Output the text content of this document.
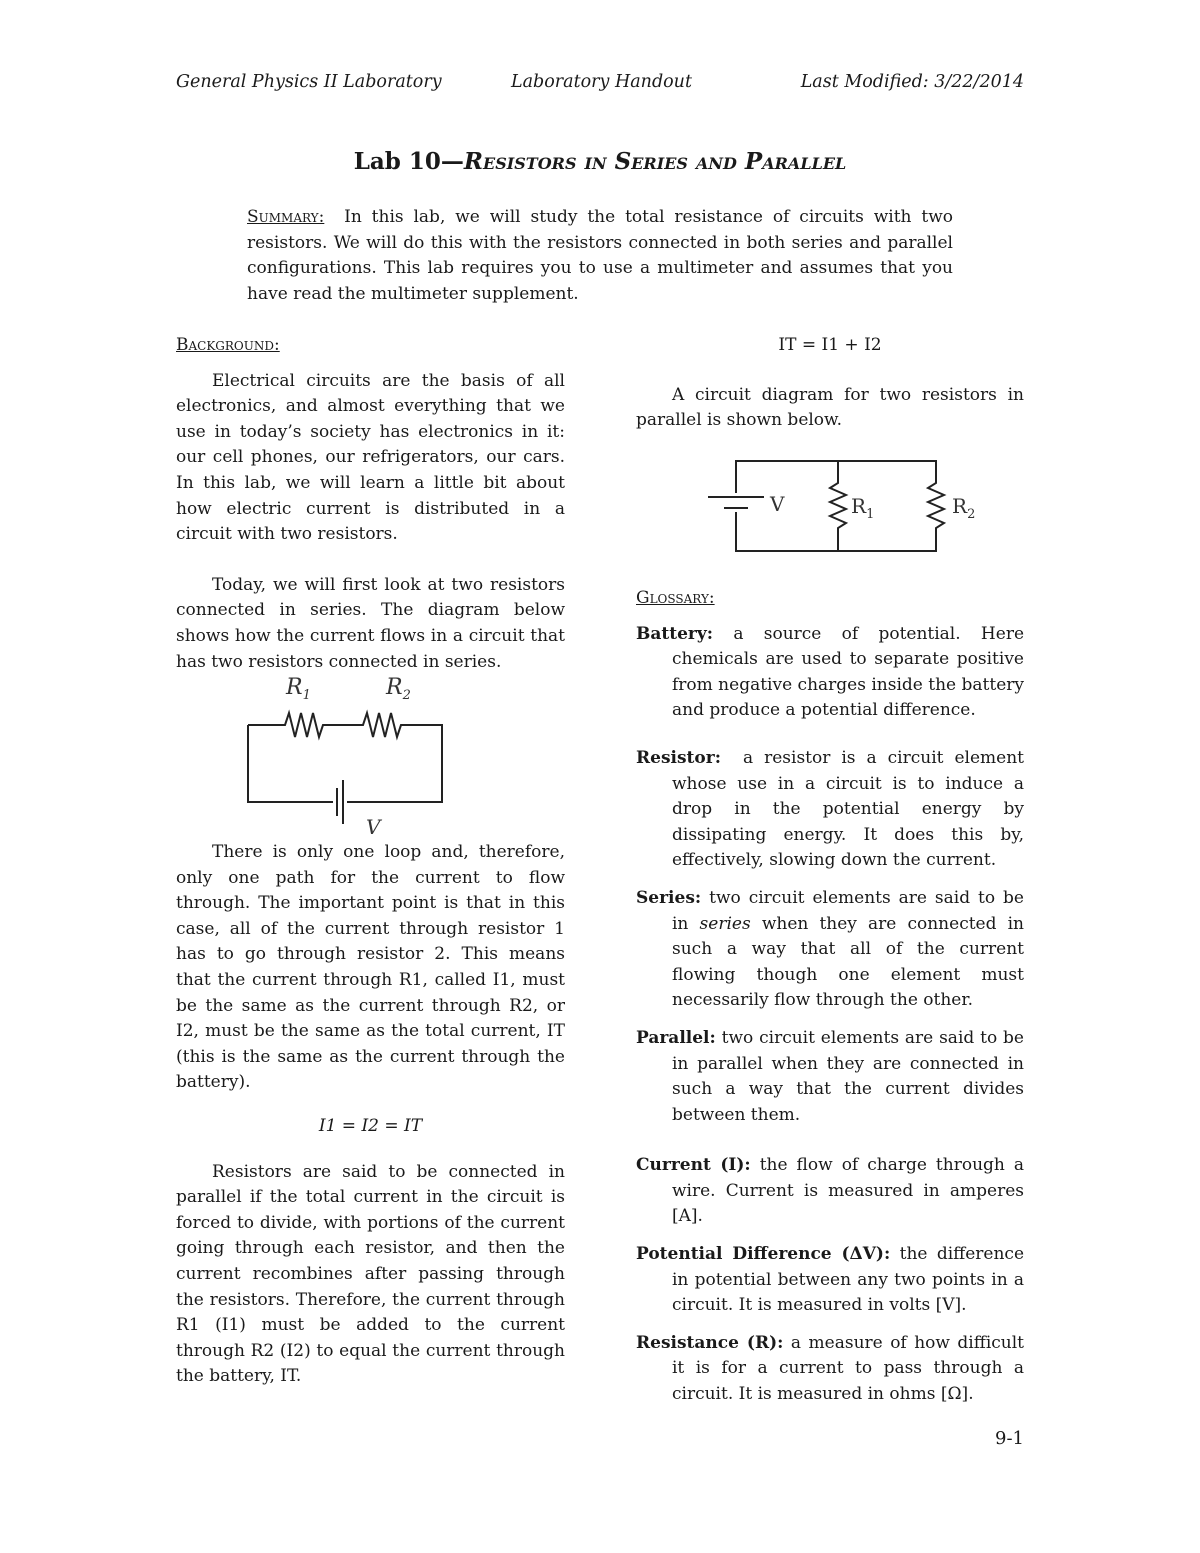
General Physics II Laboratory	Laboratory Handout	Last Modified: 3/22/2014
Lab 10—Resistors in Series and Parallel
Summary: In this lab, we will study the total resistance of circuits with two resistors. We will do this with the resistors connected in both series and parallel configurations. This lab requires you to use a multimeter and assumes that you have read the multimeter supplement.

Background:

Electrical circuits are the basis of all electronics, and almost everything that we use in today’s society has electronics in it: our cell phones, our refrigerators, our cars. In this lab, we will learn a little bit about how electric current is distributed in a circuit with two resistors.

Today, we will first look at two resistors connected in series. The diagram below shows how the current flows in a circuit that has two resistors connected in series.

$R_1$	$R_2$
V

There is only one loop and, therefore, only one path for the current to flow through. The important point is that in this case, all of the current through resistor 1 has to go through resistor 2. This means that the current through R1, called I1, must be the same as the current through R2, or I2, must be the same as the total current, IT (this is the same as the current through the battery).

I1 = I2 = IT

Resistors are said to be connected in parallel if the total current in the circuit is forced to divide, with portions of the current going through each resistor, and then the current recombines after passing through the resistors. Therefore, the current through R1 (I1) must be added to the current through R2 (I2) to equal the current through the battery, IT.

IT = I1 + I2

A circuit diagram for two resistors in parallel is shown below.

V	$R_1$	$R_2$

Glossary:

Battery: a source of potential. Here chemicals are used to separate positive from negative charges inside the battery and produce a potential difference.

Resistor: a resistor is a circuit element whose use in a circuit is to induce a drop in the potential energy by dissipating energy. It does this by, effectively, slowing down the current.

Series: two circuit elements are said to be in series when they are connected in such a way that all of the current flowing though one element must necessarily flow through the other.

Parallel: two circuit elements are said to be in parallel when they are connected in such a way that the current divides between them.

Current (I): the flow of charge through a wire. Current is measured in amperes [A].

Potential Difference (ΔV): the difference in potential between any two points in a circuit. It is measured in volts [V].

Resistance (R): a measure of how difficult it is for a current to pass through a circuit. It is measured in ohms [Ω].

9-1
